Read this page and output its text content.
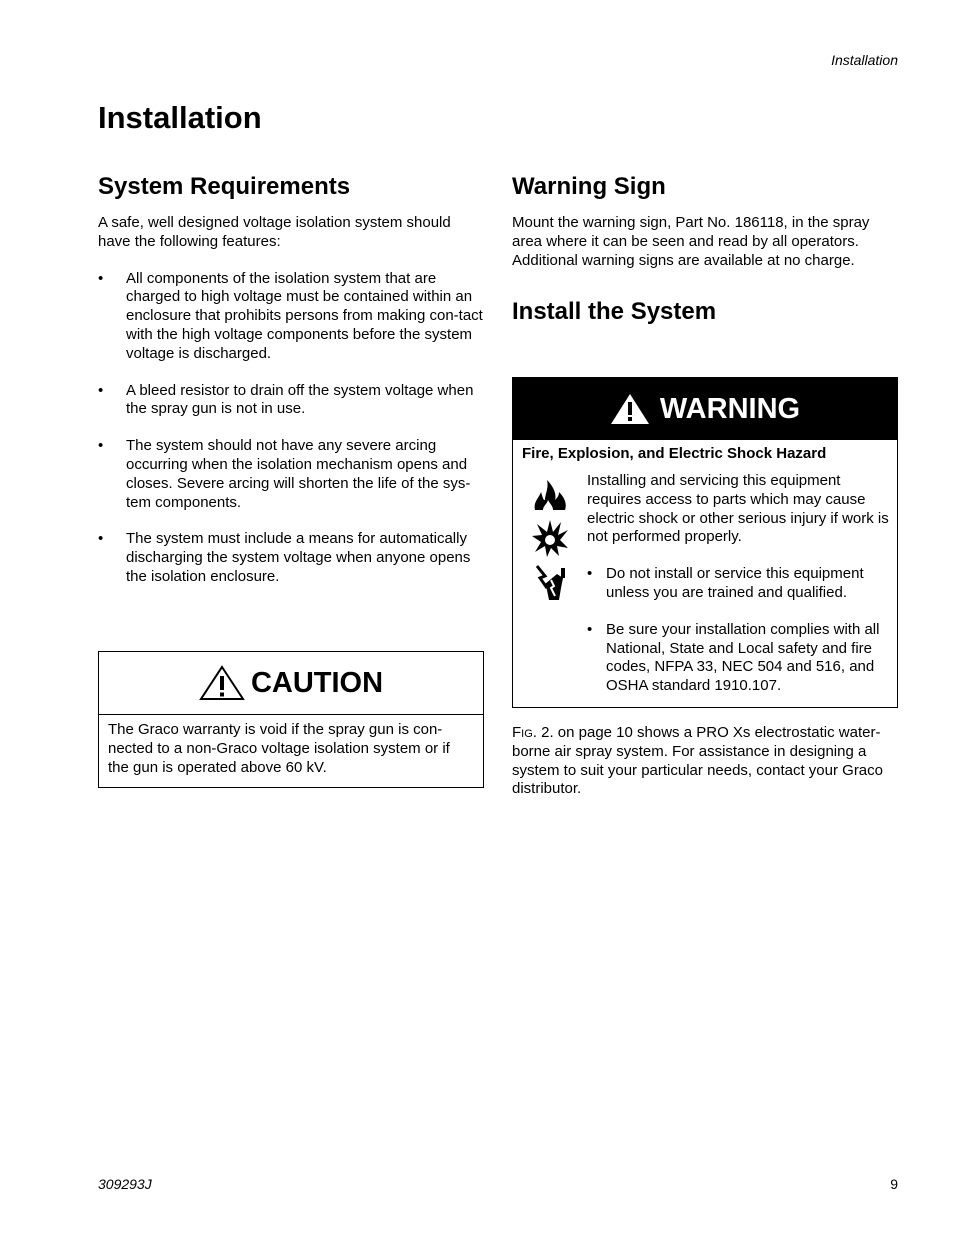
Installation
Installation
System Requirements

A safe, well designed voltage isolation system should have the following features:

• All components of the isolation system that are charged to high voltage must be contained within an enclosure that prohibits persons from making con-tact with the high voltage components before the system voltage is discharged.
• A bleed resistor to drain off the system voltage when the spray gun is not in use.
• The system should not have any severe arcing occurring when the isolation mechanism opens and closes. Severe arcing will shorten the life of the sys-tem components.
• The system must include a means for automatically discharging the system voltage when anyone opens the isolation enclosure.
CAUTION
The Graco warranty is void if the spray gun is con-nected to a non-Graco voltage isolation system or if the gun is operated above 60 kV.
Warning Sign

Mount the warning sign, Part No. 186118, in the spray area where it can be seen and read by all operators. Additional warning signs are available at no charge.

Install the System
WARNING
Fire, Explosion, and Electric Shock Hazard

Installing and servicing this equipment requires access to parts which may cause electric shock or other serious injury if work is not performed properly.

• Do not install or service this equipment unless you are trained and qualified.
• Be sure your installation complies with all National, State and Local safety and fire codes, NFPA 33, NEC 504 and 516, and OSHA standard 1910.107.
Fig. 2. on page 10 shows a PRO Xs electrostatic water-borne air spray system. For assistance in designing a system to suit your particular needs, contact your Graco distributor.
309293J	9
